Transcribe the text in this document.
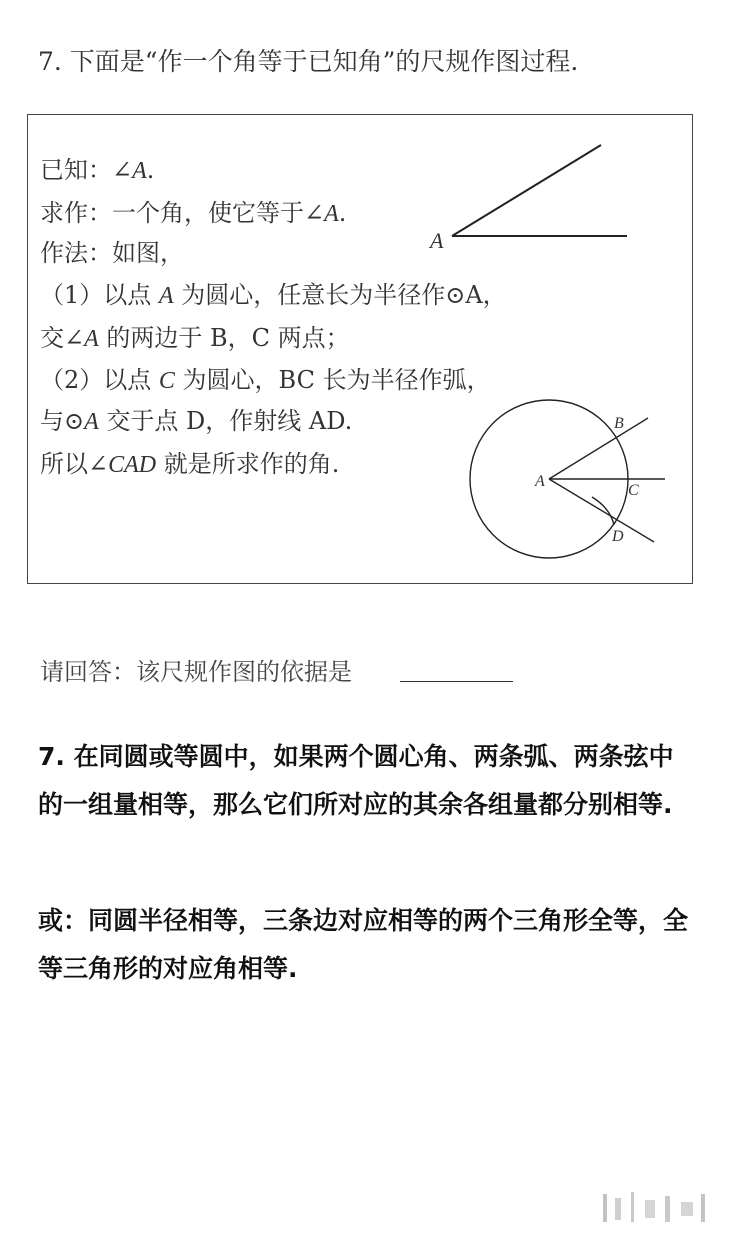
7. 下面是“作一个角等于已知角”的尺规作图过程.
已知：∠A.
求作：一个角，使它等于∠A.
作法：如图，
（1）以点 A 为圆心，任意长为半径作⊙A，
交∠A 的两边于 B，C 两点；
（2）以点 C 为圆心，BC 长为半径作弧，
与⊙A 交于点 D，作射线 AD.
所以∠CAD 就是所求作的角.
A
A
B
C
D
请回答：该尺规作图的依据是
7. 在同圆或等圆中，如果两个圆心角、两条弧、两条弦中的一组量相等，那么它们所对应的其余各组量都分别相等.
或：同圆半径相等，三条边对应相等的两个三角形全等，全等三角形的对应角相等.
